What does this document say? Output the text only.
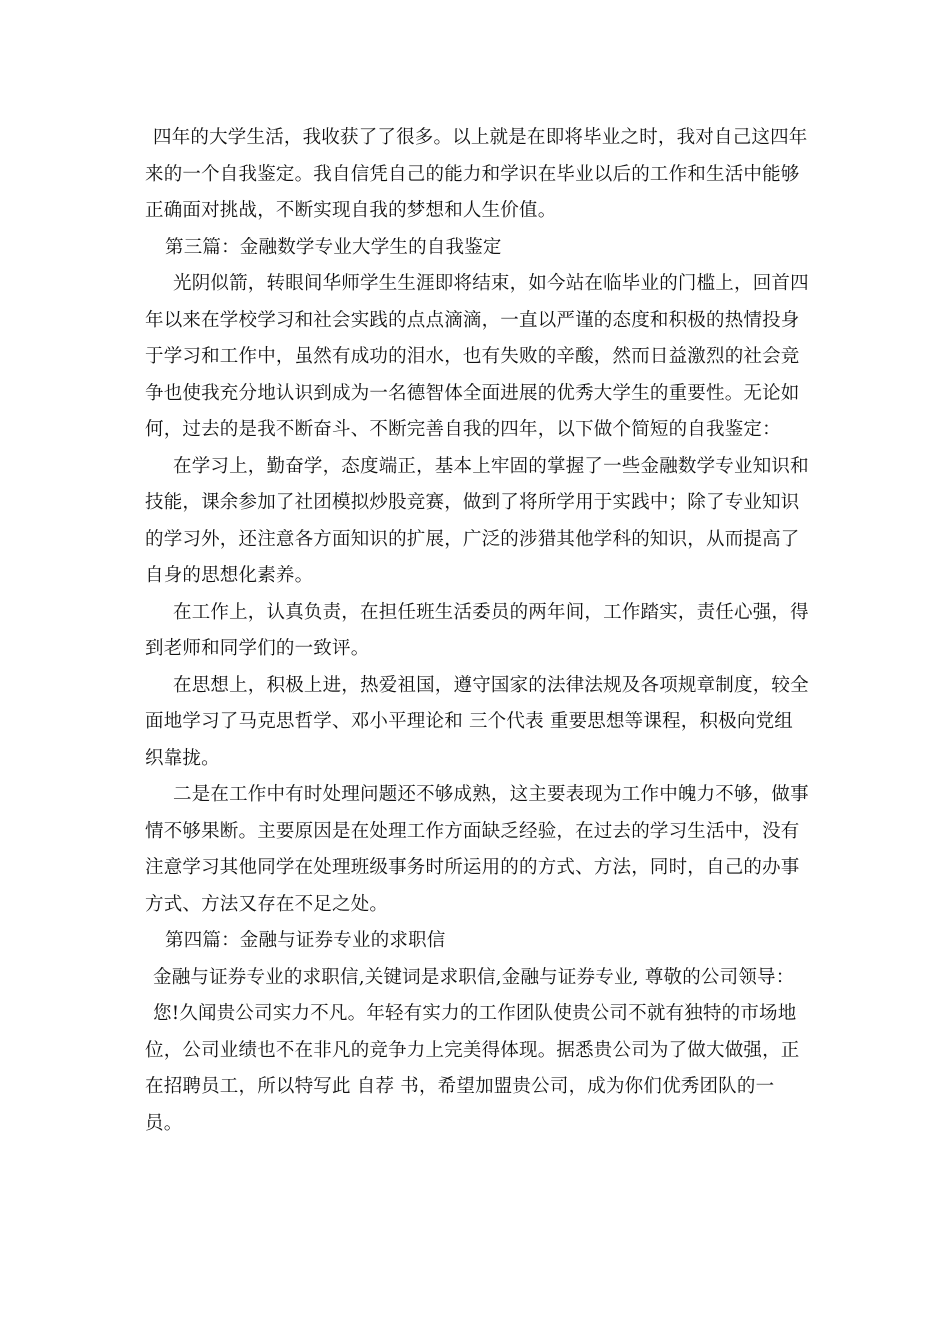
四年的大学生活，我收获了了很多。以上就是在即将毕业之时，我对自己这四年来的一个自我鉴定。我自信凭自己的能力和学识在毕业以后的工作和生活中能够正确面对挑战，不断实现自我的梦想和人生价值。

第三篇：金融数学专业大学生的自我鉴定

光阴似箭，转眼间华师学生生涯即将结束，如今站在临毕业的门槛上，回首四年以来在学校学习和社会实践的点点滴滴，一直以严谨的态度和积极的热情投身于学习和工作中，虽然有成功的泪水，也有失败的辛酸，然而日益激烈的社会竞争也使我充分地认识到成为一名德智体全面进展的优秀大学生的重要性。无论如何，过去的是我不断奋斗、不断完善自我的四年，以下做个简短的自我鉴定：

在学习上，勤奋学，态度端正，基本上牢固的掌握了一些金融数学专业知识和技能，课余参加了社团模拟炒股竞赛，做到了将所学用于实践中；除了专业知识的学习外，还注意各方面知识的扩展，广泛的涉猎其他学科的知识，从而提高了自身的思想化素养。

在工作上，认真负责，在担任班生活委员的两年间，工作踏实，责任心强，得到老师和同学们的一致评。

在思想上，积极上进，热爱祖国，遵守国家的法律法规及各项规章制度，较全面地学习了马克思哲学、邓小平理论和 三个代表 重要思想等课程，积极向党组织靠拢。

二是在工作中有时处理问题还不够成熟，这主要表现为工作中魄力不够，做事情不够果断。主要原因是在处理工作方面缺乏经验，在过去的学习生活中，没有注意学习其他同学在处理班级事务时所运用的的方式、方法，同时，自己的办事方式、方法又存在不足之处。

第四篇：金融与证券专业的求职信

金融与证券专业的求职信,关键词是求职信,金融与证券专业, 尊敬的公司领导：

您!久闻贵公司实力不凡。年轻有实力的工作团队使贵公司不就有独特的市场地位，公司业绩也不在非凡的竞争力上完美得体现。据悉贵公司为了做大做强，正在招聘员工，所以特写此 自荐 书，希望加盟贵公司，成为你们优秀团队的一员。
